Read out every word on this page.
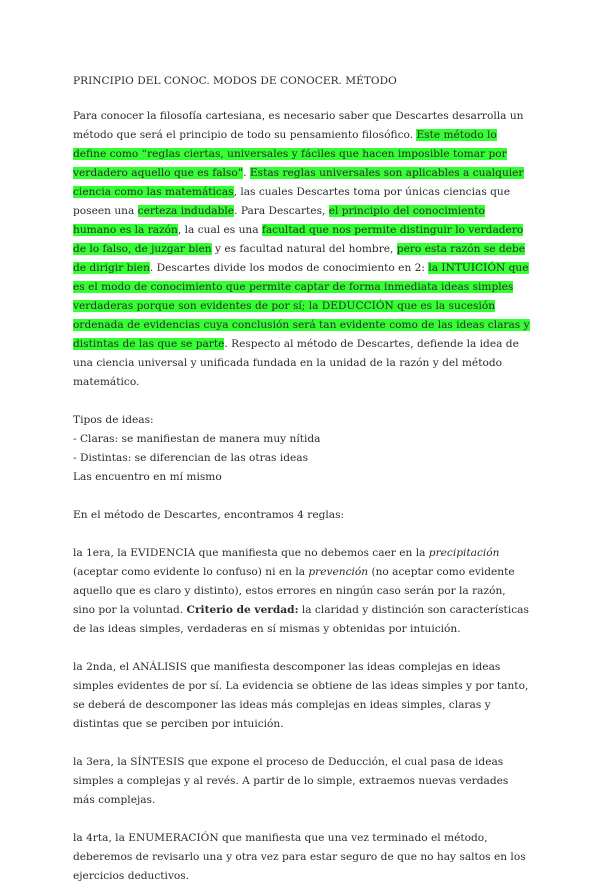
PRINCIPIO DEL CONOC. MODOS DE CONOCER. MÉTODO

Para conocer la filosofía cartesiana, es necesario saber que Descartes desarrolla un método que será el principio de todo su pensamiento filosófico. Este método lo define como “reglas ciertas, universales y fáciles que hacen imposible tomar por verdadero aquello que es falso”. Estas reglas universales son aplicables a cualquier ciencia como las matemáticas, las cuales Descartes toma por únicas ciencias que poseen una certeza indudable. Para Descartes, el principio del conocimiento humano es la razón, la cual es una facultad que nos permite distinguir lo verdadero de lo falso, de juzgar bien y es facultad natural del hombre, pero esta razón se debe de dirigir bien. Descartes divide los modos de conocimiento en 2: la INTUICIÓN que es el modo de conocimiento que permite captar de forma inmediata ideas simples verdaderas porque son evidentes de por sí; la DEDUCCIÓN que es la sucesión ordenada de evidencias cuya conclusión será tan evidente como de las ideas claras y distintas de las que se parte. Respecto al método de Descartes, defiende la idea de una ciencia universal y unificada fundada en la unidad de la razón y del método matemático.

Tipos de ideas:

- Claras: se manifiestan de manera muy nítida

- Distintas: se diferencian de las otras ideas

Las encuentro en mí mismo

En el método de Descartes, encontramos 4 reglas:

la 1era, la EVIDENCIA que manifiesta que no debemos caer en la precipitación (aceptar como evidente lo confuso) ni en la prevención (no aceptar como evidente aquello que es claro y distinto), estos errores en ningún caso serán por la razón, sino por la voluntad. Criterio de verdad: la claridad y distinción son características de las ideas simples, verdaderas en sí mismas y obtenidas por intuición.

la 2nda, el ANÁLISIS que manifiesta descomponer las ideas complejas en ideas simples evidentes de por sí. La evidencia se obtiene de las ideas simples y por tanto, se deberá de descomponer las ideas más complejas en ideas simples, claras y distintas que se perciben por intuición.

la 3era, la SÍNTESIS que expone el proceso de Deducción, el cual pasa de ideas simples a complejas y al revés. A partir de lo simple, extraemos nuevas verdades más complejas.

la 4rta, la ENUMERACIÓN que manifiesta que una vez terminado el método, deberemos de revisarlo una y otra vez para estar seguro de que no hay saltos en los ejercicios deductivos.
